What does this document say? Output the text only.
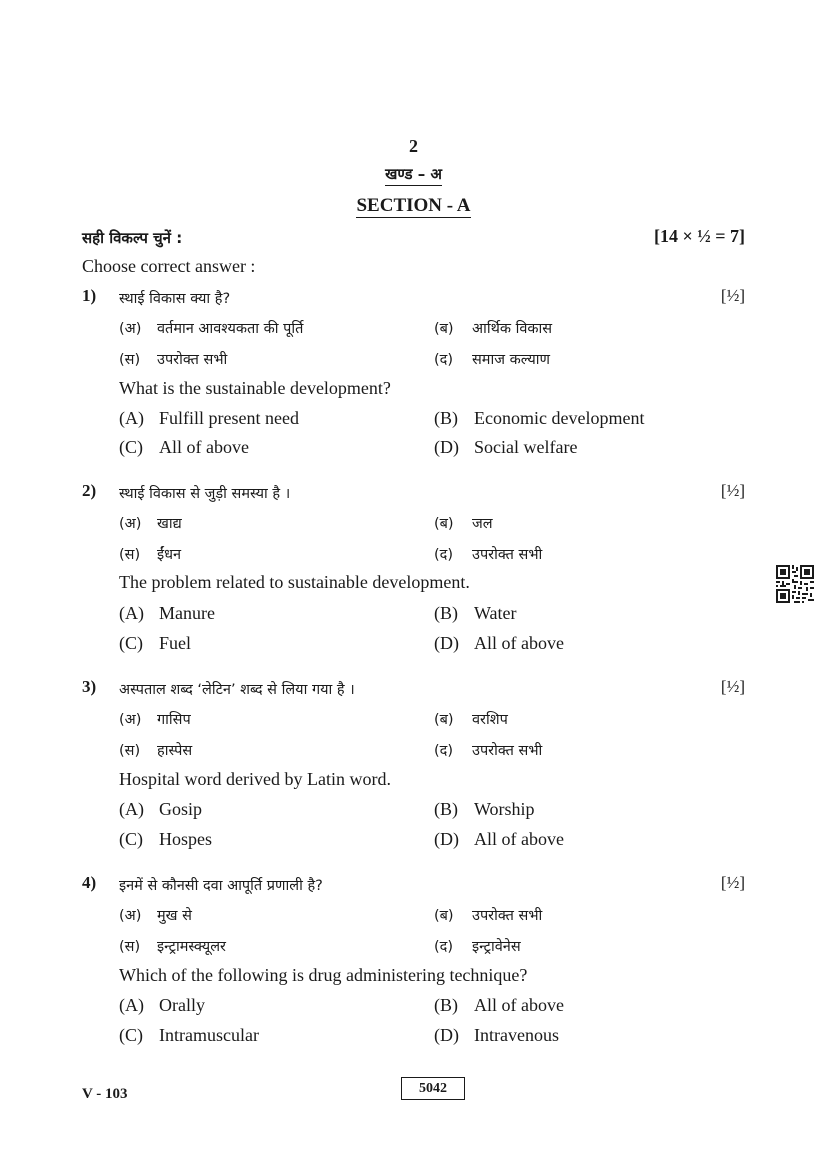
2
खण्ड – अ
SECTION - A
सही विकल्प चुनें :	[14 × ½ = 7]
Choose correct answer :
1) स्थाई विकास क्या है?	[½]
(अ) वर्तमान आवश्यकता की पूर्ति	(ब) आर्थिक विकास
(स) उपरोक्त सभी	(द) समाज कल्याण
What is the sustainable development?
(A) Fulfill present need	(B) Economic development
(C) All of above	(D) Social welfare
2) स्थाई विकास से जुड़ी समस्या है ।	[½]
(अ) खाद्य	(ब) जल
(स) ईंधन	(द) उपरोक्त सभी
The problem related to sustainable development.
(A) Manure	(B) Water
(C) Fuel	(D) All of above
3) अस्पताल शब्द ‘लेटिन’ शब्द से लिया गया है ।	[½]
(अ) गासिप	(ब) वरशिप
(स) हास्पेस	(द) उपरोक्त सभी
Hospital word derived by Latin word.
(A) Gosip	(B) Worship
(C) Hospes	(D) All of above
4) इनमें से कौनसी दवा आपूर्ति प्रणाली है?	[½]
(अ) मुख से	(ब) उपरोक्त सभी
(स) इन्ट्रामस्क्यूलर	(द) इन्ट्रावेनेस
Which of the following is drug administering technique?
(A) Orally	(B) All of above
(C) Intramuscular	(D) Intravenous
V - 103	5042
